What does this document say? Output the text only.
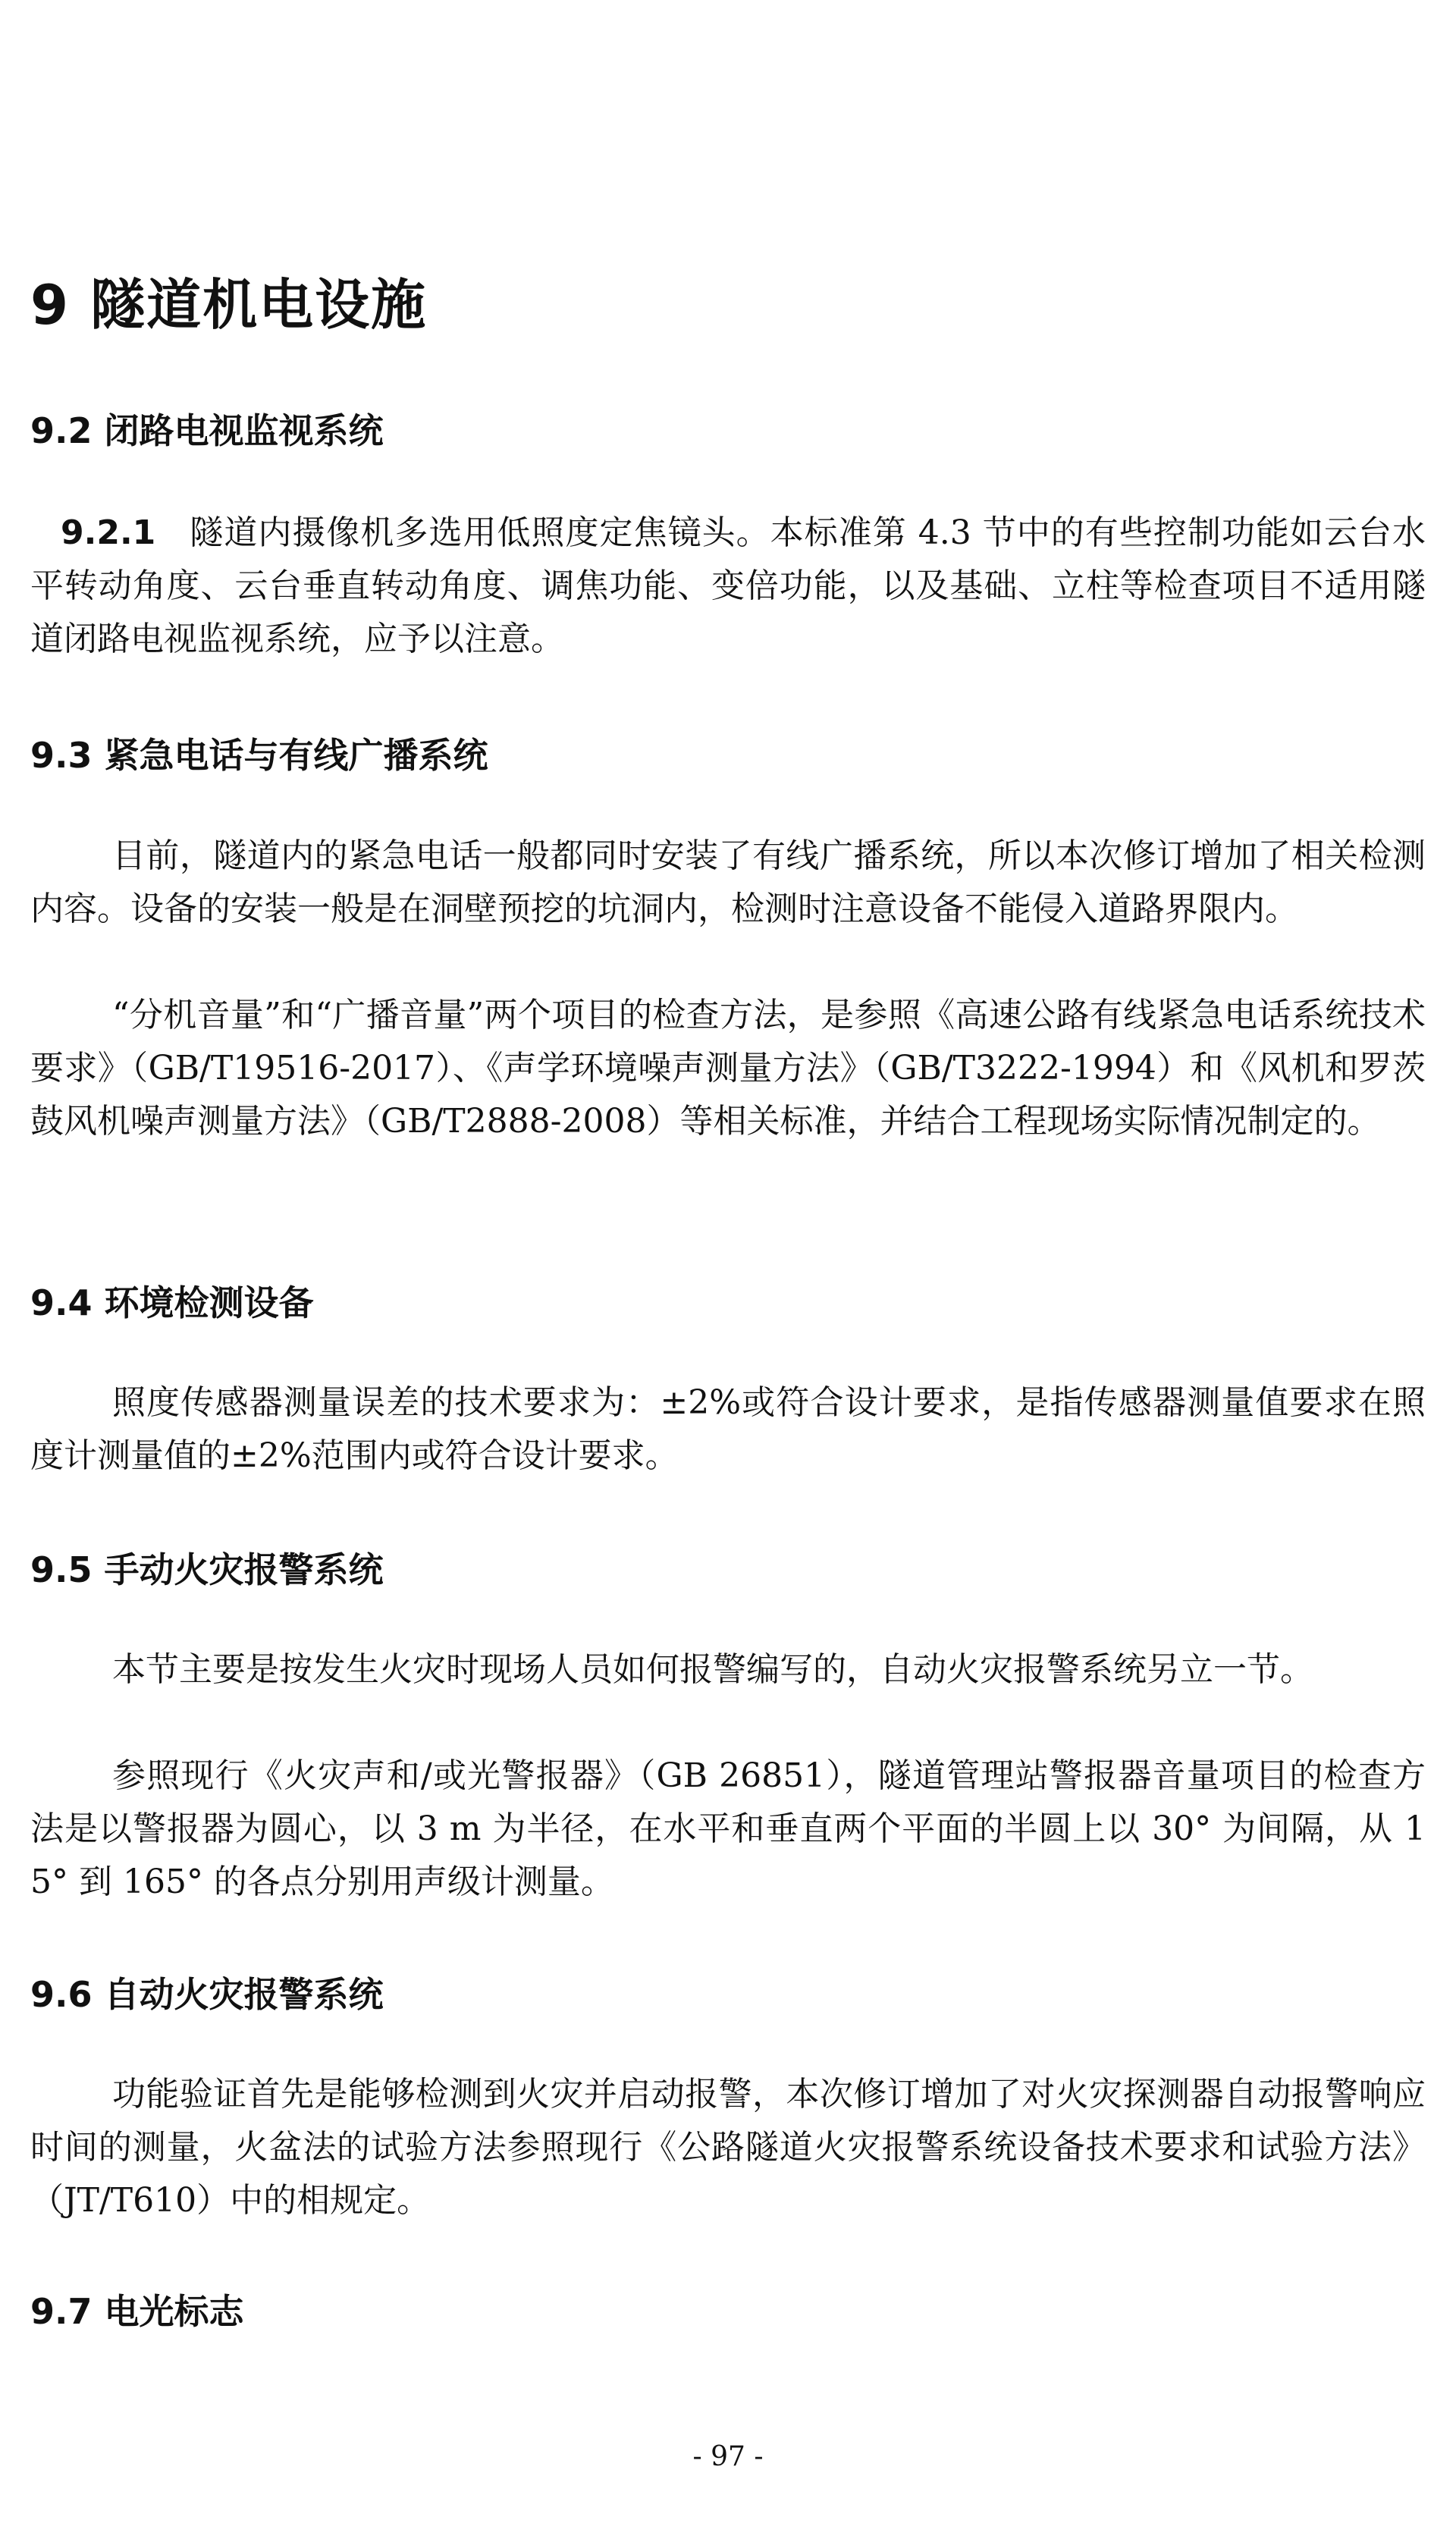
9 隧道机电设施
9.2 闭路电视监视系统

9.2.1 隧道内摄像机多选用低照度定焦镜头。本标准第 4.3 节中的有些控制功能如云台水平转动角度、云台垂直转动角度、调焦功能、变倍功能，以及基础、立柱等检查项目不适用隧道闭路电视监视系统，应予以注意。

9.3 紧急电话与有线广播系统

目前，隧道内的紧急电话一般都同时安装了有线广播系统，所以本次修订增加了相关检测内容。设备的安装一般是在洞壁预挖的坑洞内，检测时注意设备不能侵入道路界限内。

“分机音量”和“广播音量”两个项目的检查方法，是参照《高速公路有线紧急电话系统技术要求》（GB/T19516-2017）、《声学环境噪声测量方法》（GB/T3222-1994）和《风机和罗茨鼓风机噪声测量方法》（GB/T2888-2008）等相关标准，并结合工程现场实际情况制定的。

9.4 环境检测设备

照度传感器测量误差的技术要求为：±2%或符合设计要求，是指传感器测量值要求在照度计测量值的±2%范围内或符合设计要求。

9.5 手动火灾报警系统

本节主要是按发生火灾时现场人员如何报警编写的，自动火灾报警系统另立一节。

参照现行《火灾声和/或光警报器》（GB 26851），隧道管理站警报器音量项目的检查方法是以警报器为圆心，以 3 m 为半径，在水平和垂直两个平面的半圆上以 30° 为间隔，从 15° 到 165° 的各点分别用声级计测量。

9.6 自动火灾报警系统

功能验证首先是能够检测到火灾并启动报警，本次修订增加了对火灾探测器自动报警响应时间的测量，火盆法的试验方法参照现行《公路隧道火灾报警系统设备技术要求和试验方法》（JT/T610）中的相规定。

9.7 电光标志
- 97 -
